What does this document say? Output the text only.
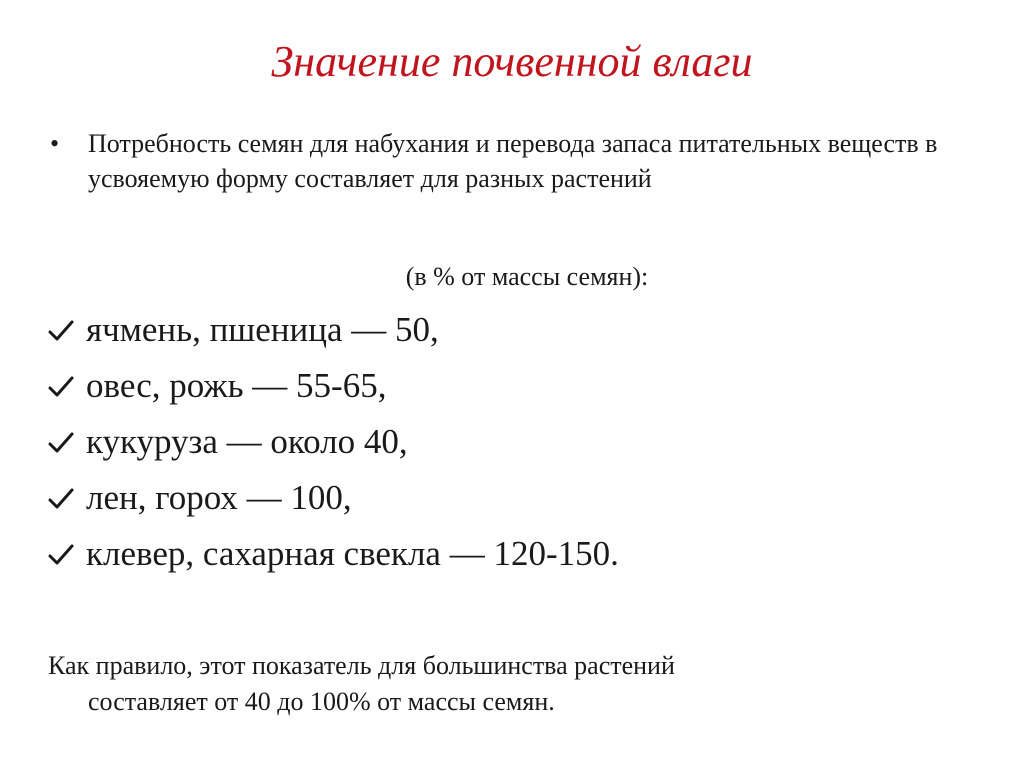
Значение почвенной влаги
• Потребность семян для набухания и перевода запаса питательных веществ в усвояемую форму составляет для разных растений
(в % от массы семян):
ячмень, пшеница — 50,
овес, рожь — 55-65,
кукуруза — около 40,
лен, горох — 100,
клевер, сахарная свекла — 120-150.
Как правило, этот показатель для большинства растений
составляет от 40 до 100% от массы семян.
